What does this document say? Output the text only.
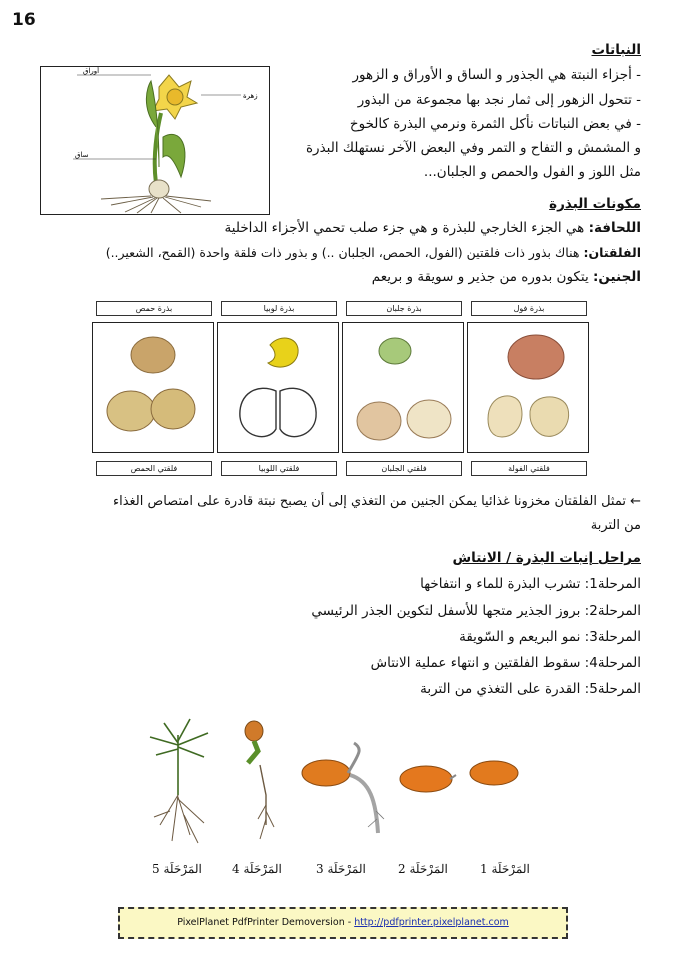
16
أوراق
زهرة
ساق
النباتات
- أجزاء النبتة هي الجذور و الساق و الأوراق و الزهور
- تتحول الزهور إلى ثمار نجد بها مجموعة من البذور
- في بعض النباتات نأكل الثمرة ونرمي البذرة كالخوخ
و المشمش و التفاح و التمر وفي البعض الآخر نستهلك البذرة
مثل اللوز و الفول والحمص و الجلبان...
مكونات البذرة
اللحافة: هي الجزء الخارجي للبذرة و هي جزء صلب تحمي الأجزاء الداخلية
الفلقتان: هناك بذور ذات فلقتين (الفول، الحمص، الجلبان ..) و بذور ذات فلقة واحدة (القمح، الشعير..)
الجنين: يتكون بدوره من جذير و سويقة و بريعم
بذرة حمص	بذرة لوبيا	بذرة جلبان	بذرة فول
فلقتي الحمص	فلقتي اللوبيا	فلقتي الجلبان	فلقتي الفولة
← تمثل الفلقتان مخزونا غذائيا يمكن الجنين من التغذي إلى أن يصبح نبتة قادرة على امتصاص الغذاء
من التربة
مراحل إنبات البذرة / الانتاش
المرحلة1: تشرب البذرة للماء و انتفاخها
المرحلة2: بروز الجذير متجها للأسفل لتكوين الجذر الرئيسي
المرحلة3: نمو البريعم و السّويقة
المرحلة4: سقوط الفلقتين و انتهاء عملية الانتاش
المرحلة5: القدرة على التغذي من التربة
المَرْحَلَة 5	المَرْحَلَة 4	المَرْحَلَة 3	المَرْحَلَة 2	المَرْحَلَة 1
PixelPlanet PdfPrinter Demoversion - http://pdfprinter.pixelplanet.com
